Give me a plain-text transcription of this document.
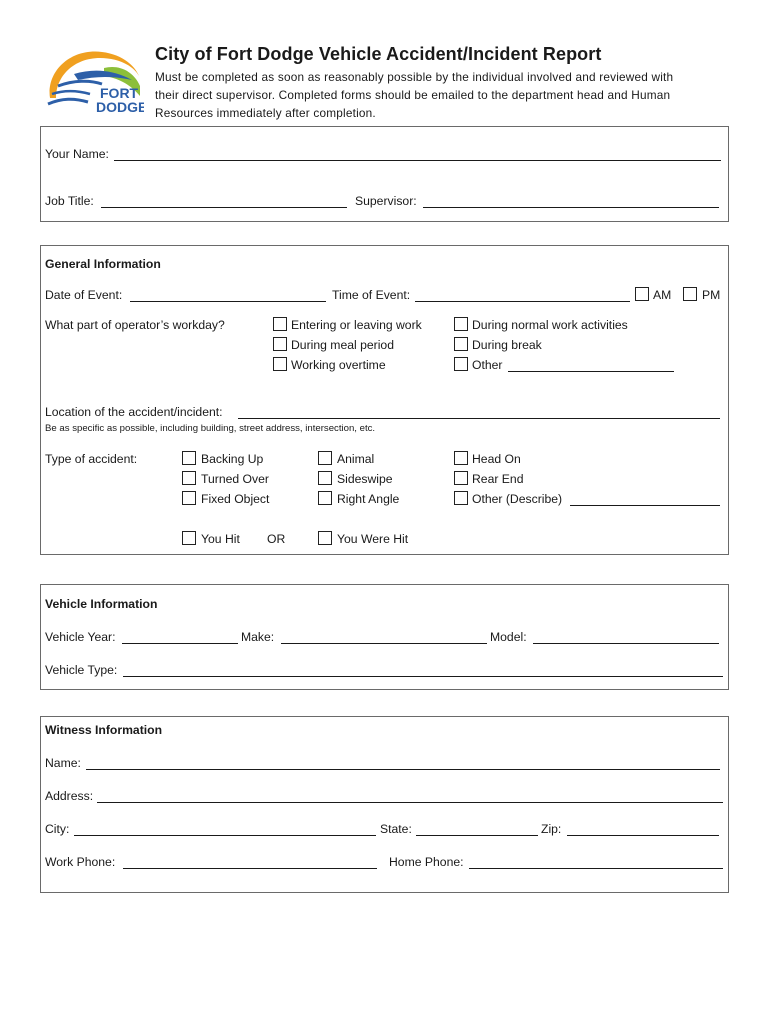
FORT
DODGE
City of Fort Dodge Vehicle Accident/Incident Report
Must be completed as soon as reasonably possible by the individual involved and reviewed with
their direct supervisor. Completed forms should be emailed to the department head and Human
Resources immediately after completion.
Your Name:
Job Title:	Supervisor:
General Information
Date of Event:	Time of Event:	AM	PM
What part of operator’s workday?	Entering or leaving work
During meal period
Working overtime
During normal work activities
During break
Other
Location of the accident/incident:
Be as specific as possible, including building, street address, intersection, etc.
Type of accident:	Backing Up
Turned Over
Fixed Object
Animal
Sideswipe
Right Angle
Head On
Rear End
Other (Describe)
You Hit OR	You Were Hit
Vehicle Information
Vehicle Year:	Make:	Model:
Vehicle Type:
Witness Information
Name:
Address:
City:	State:	Zip:
Work Phone:	Home Phone:
